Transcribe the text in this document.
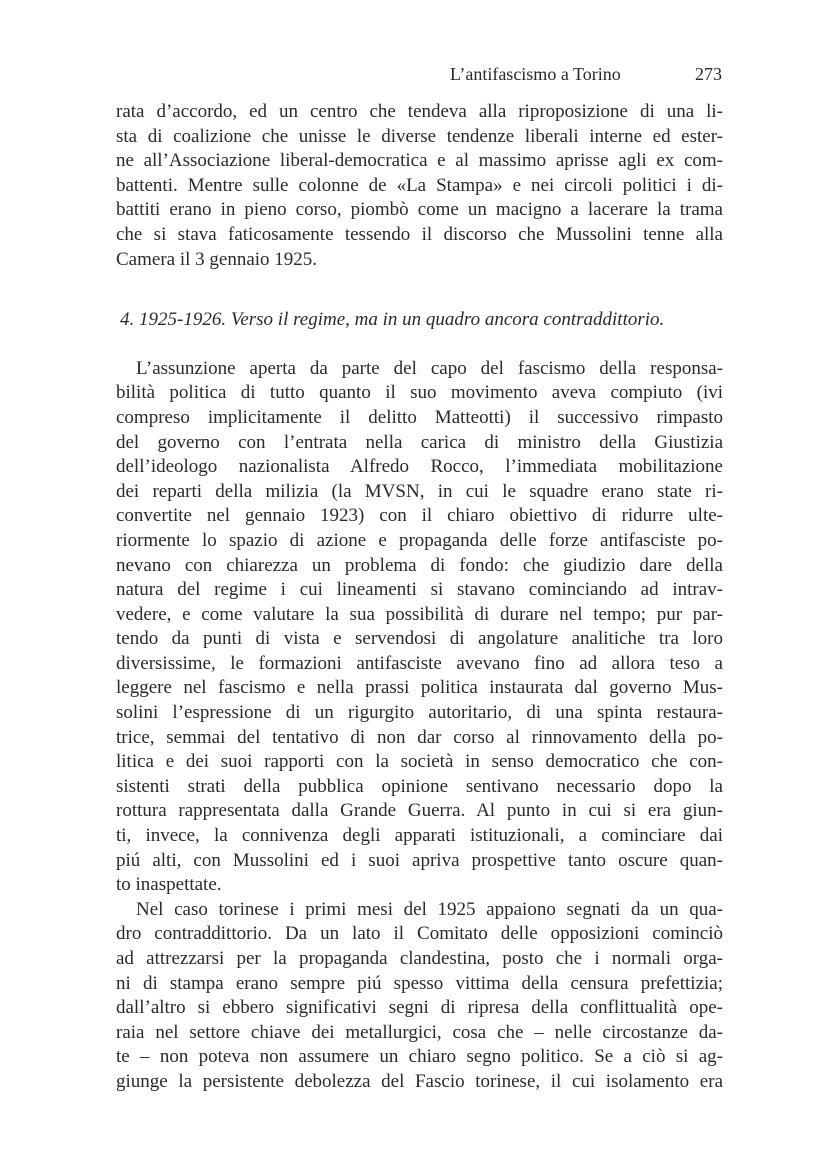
L’antifascismo a Torino	273
rata d’accordo, ed un centro che tendeva alla riproposizione di una li-
sta di coalizione che unisse le diverse tendenze liberali interne ed ester-
ne all’Associazione liberal-democratica e al massimo aprisse agli ex com-
battenti. Mentre sulle colonne de «La Stampa» e nei circoli politici i di-
battiti erano in pieno corso, piombò come un macigno a lacerare la trama
che si stava faticosamente tessendo il discorso che Mussolini tenne alla
Camera il 3 gennaio 1925.
4. 1925-1926. Verso il regime, ma in un quadro ancora contraddittorio.
L’assunzione aperta da parte del capo del fascismo della responsa-
bilità politica di tutto quanto il suo movimento aveva compiuto (ivi
compreso implicitamente il delitto Matteotti) il successivo rimpasto
del governo con l’entrata nella carica di ministro della Giustizia
dell’ideologo nazionalista Alfredo Rocco, l’immediata mobilitazione
dei reparti della milizia (la MVSN, in cui le squadre erano state ri-
convertite nel gennaio 1923) con il chiaro obiettivo di ridurre ulte-
riormente lo spazio di azione e propaganda delle forze antifasciste po-
nevano con chiarezza un problema di fondo: che giudizio dare della
natura del regime i cui lineamenti si stavano cominciando ad intrav-
vedere, e come valutare la sua possibilità di durare nel tempo; pur par-
tendo da punti di vista e servendosi di angolature analitiche tra loro
diversissime, le formazioni antifasciste avevano fino ad allora teso a
leggere nel fascismo e nella prassi politica instaurata dal governo Mus-
solini l’espressione di un rigurgito autoritario, di una spinta restaura-
trice, semmai del tentativo di non dar corso al rinnovamento della po-
litica e dei suoi rapporti con la società in senso democratico che con-
sistenti strati della pubblica opinione sentivano necessario dopo la
rottura rappresentata dalla Grande Guerra. Al punto in cui si era giun-
ti, invece, la connivenza degli apparati istituzionali, a cominciare dai
piú alti, con Mussolini ed i suoi apriva prospettive tanto oscure quan-
to inaspettate.
Nel caso torinese i primi mesi del 1925 appaiono segnati da un qua-
dro contraddittorio. Da un lato il Comitato delle opposizioni cominciò
ad attrezzarsi per la propaganda clandestina, posto che i normali orga-
ni di stampa erano sempre piú spesso vittima della censura prefettizia;
dall’altro si ebbero significativi segni di ripresa della conflittualità ope-
raia nel settore chiave dei metallurgici, cosa che – nelle circostanze da-
te – non poteva non assumere un chiaro segno politico. Se a ciò si ag-
giunge la persistente debolezza del Fascio torinese, il cui isolamento era
